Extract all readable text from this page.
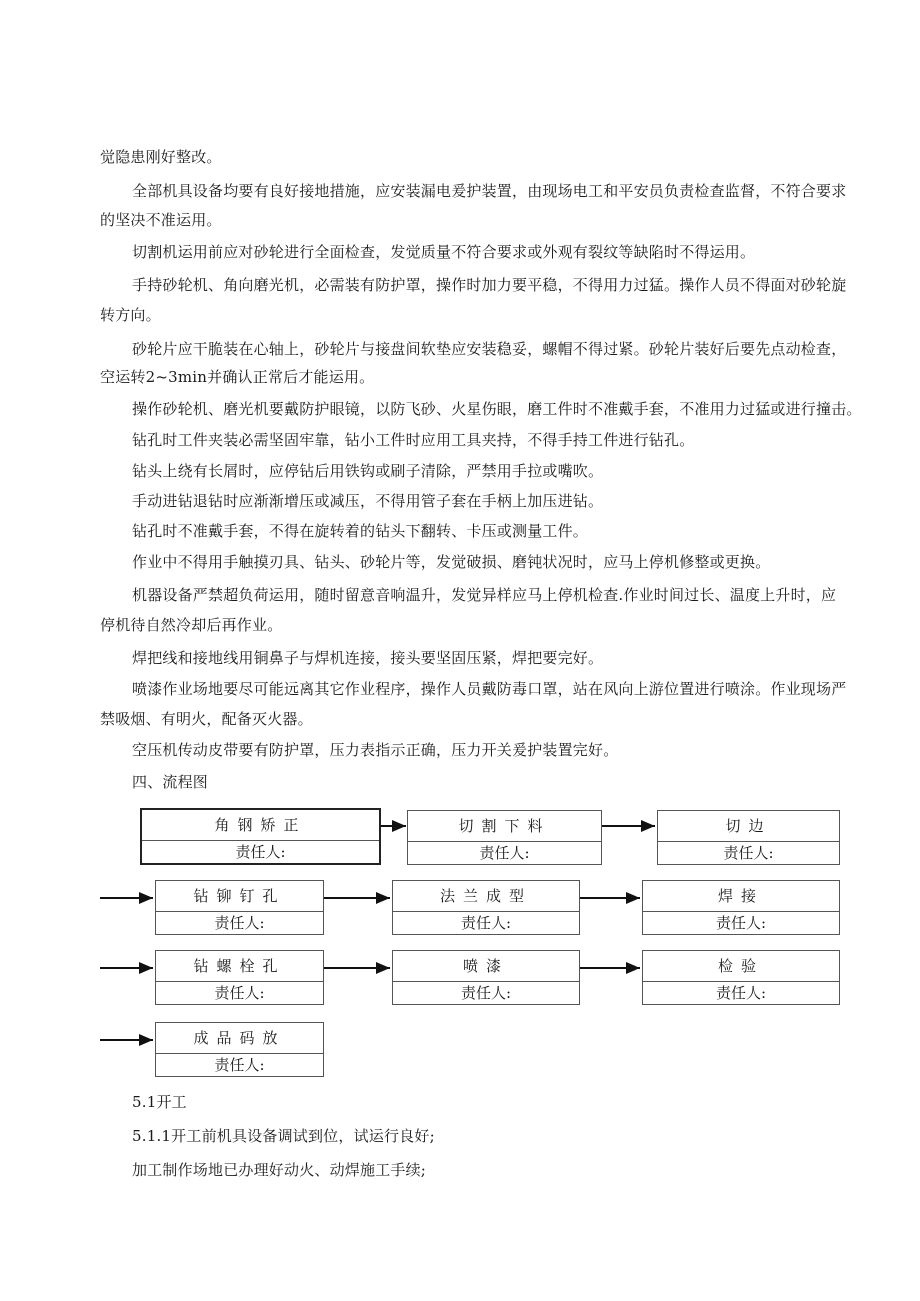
觉隐患刚好整改。
全部机具设备均要有良好接地措施，应安装漏电爰护装置，由现场电工和平安员负责检查监督，不符合要求
的坚决不准运用。
切割机运用前应对砂轮进行全面检查，发觉质量不符合要求或外观有裂纹等缺陷时不得运用。
手持砂轮机、角向磨光机，必需装有防护罩，操作时加力要平稳，不得用力过猛。操作人员不得面对砂轮旋
转方向。
砂轮片应干脆装在心轴上，砂轮片与接盘间软垫应安装稳妥，螺帽不得过紧。砂轮片装好后要先点动检查，
空运转2~3min并确认正常后才能运用。
操作砂轮机、磨光机要戴防护眼镜，以防飞砂、火星伤眼，磨工件时不准戴手套，不准用力过猛或进行撞击。
钻孔时工件夹装必需坚固牢靠，钻小工件时应用工具夹持，不得手持工件进行钻孔。
钻头上绕有长屑时，应停钻后用铁钩或刷子清除，严禁用手拉或嘴吹。
手动进钻退钻时应渐渐增压或减压，不得用管子套在手柄上加压进钻。
钻孔时不准戴手套，不得在旋转着的钻头下翻转、卡压或测量工件。
作业中不得用手触摸刃具、钻头、砂轮片等，发觉破损、磨钝状况时，应马上停机修整或更换。
机器设备严禁超负荷运用，随时留意音响温升，发觉异样应马上停机检查.作业时间过长、温度上升时，应
停机待自然冷却后再作业。
焊把线和接地线用铜鼻子与焊机连接，接头要坚固压紧，焊把要完好。
喷漆作业场地要尽可能远离其它作业程序，操作人员戴防毒口罩，站在风向上游位置进行喷涂。作业现场严
禁吸烟、有明火，配备灭火器。
空压机传动皮带要有防护罩，压力表指示正确，压力开关爰护装置完好。
四、流程图
角钢矫正
责任人:
切割下料
责任人:
切边
责任人:
钻铆钉孔
责任人:
法兰成型
责任人:
焊接
责任人:
钻螺栓孔
责任人:
喷漆
责任人:
检验
责任人:
成品码放
责任人:
5.1开工
5.1.1开工前机具设备调试到位，试运行良好;
加工制作场地已办理好动火、动焊施工手续;
